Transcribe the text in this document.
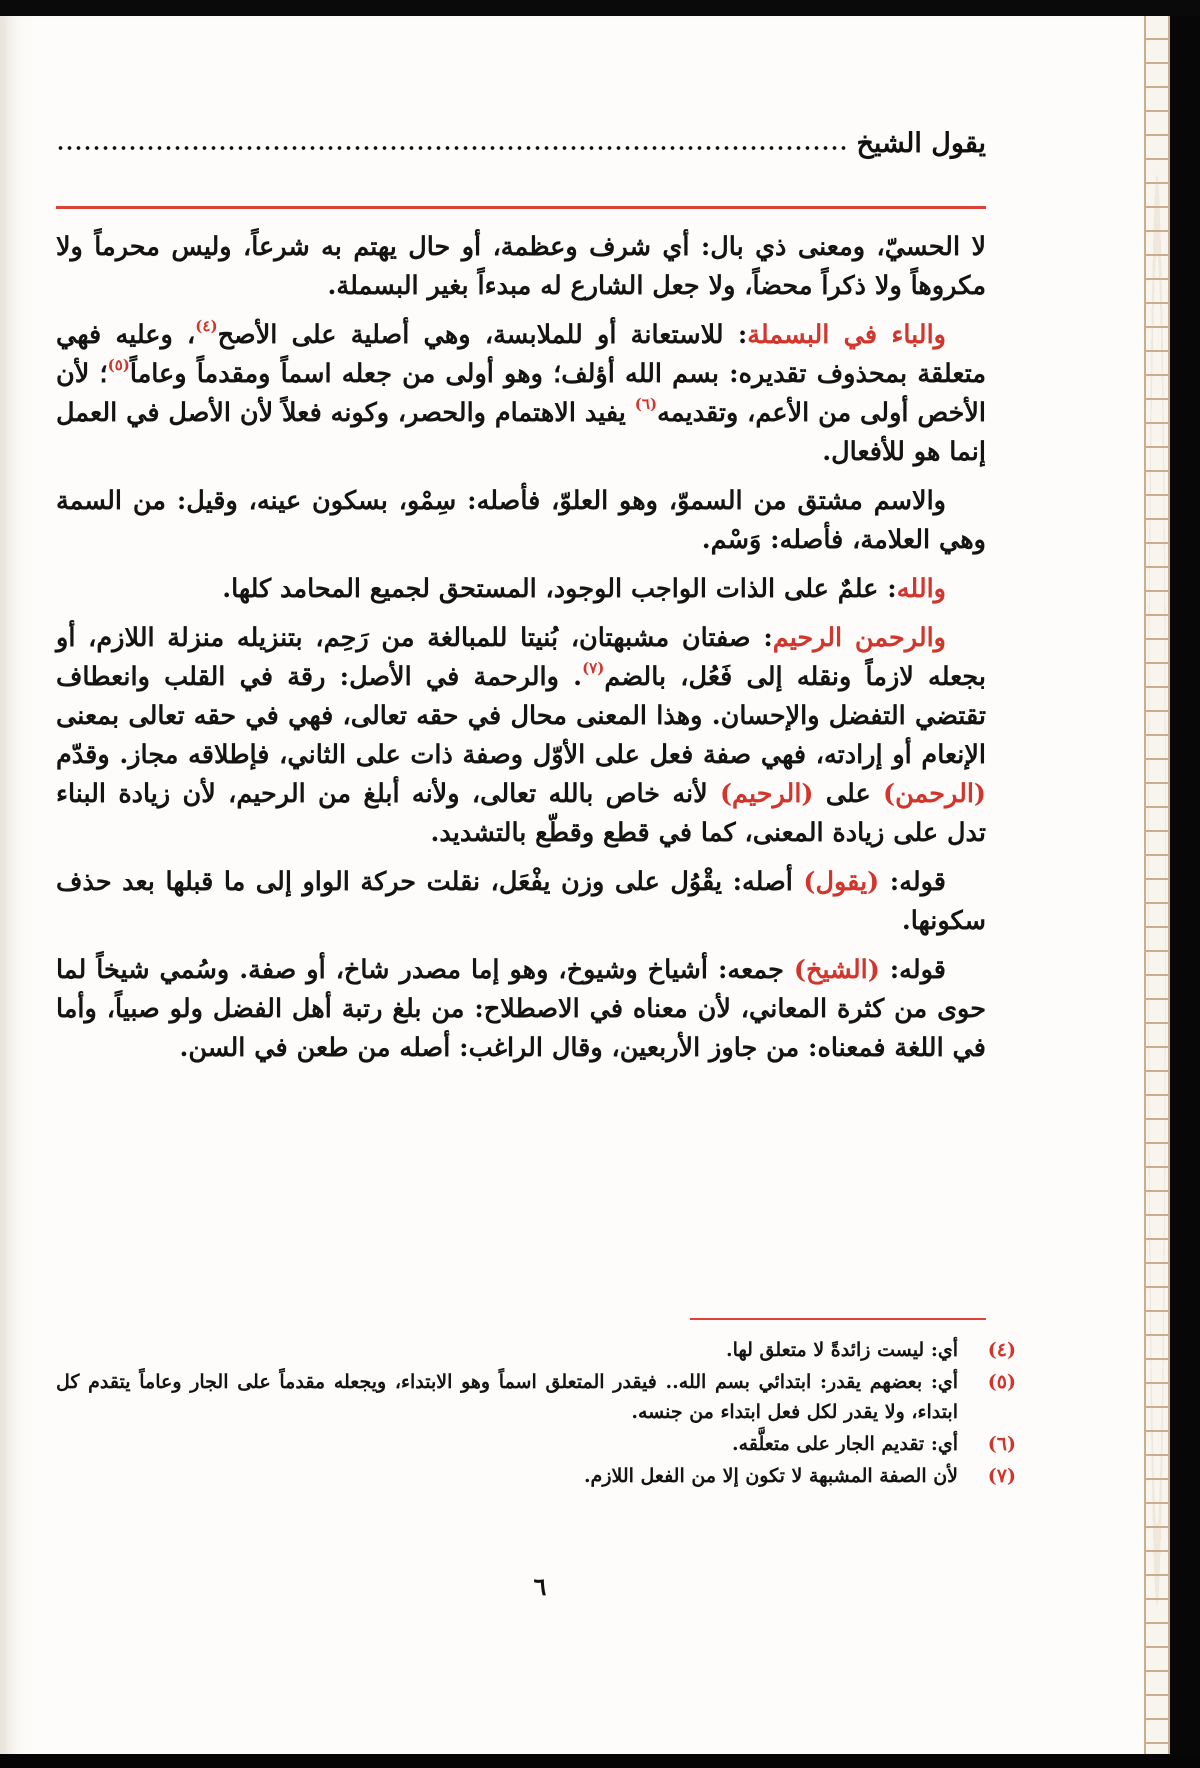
يقول الشيخ

لا الحسيّ، ومعنى ذي بال: أي شرف وعظمة، أو حال يهتم به شرعاً، وليس محرماً ولا مكروهاً ولا ذكراً محضاً، ولا جعل الشارع له مبدءاً بغير البسملة.

والباء في البسملة: للاستعانة أو للملابسة، وهي أصلية على الأصح$^{(٤)}$، وعليه فهي متعلقة بمحذوف تقديره: بسم الله أؤلف؛ وهو أولى من جعله اسماً ومقدماً وعاماً$^{(٥)}$؛ لأن الأخص أولى من الأعم، وتقديمه$^{(٦)}$ يفيد الاهتمام والحصر، وكونه فعلاً لأن الأصل في العمل إنما هو للأفعال.

والاسم مشتق من السموّ، وهو العلوّ، فأصله: سِمْو، بسكون عينه، وقيل: من السمة وهي العلامة، فأصله: وَسْم.

والله: علمٌ على الذات الواجب الوجود، المستحق لجميع المحامد كلها.

والرحمن الرحيم: صفتان مشبهتان، بُنيتا للمبالغة من رَحِم، بتنزيله منزلة اللازم، أو بجعله لازماً ونقله إلى فَعُل، بالضم$^{(٧)}$. والرحمة في الأصل: رقة في القلب وانعطاف تقتضي التفضل والإحسان. وهذا المعنى محال في حقه تعالى، فهي في حقه تعالى بمعنى الإنعام أو إرادته، فهي صفة فعل على الأوّل وصفة ذات على الثاني، فإطلاقه مجاز. وقدّم (الرحمن) على (الرحيم) لأنه خاص بالله تعالى، ولأنه أبلغ من الرحيم، لأن زيادة البناء تدل على زيادة المعنى، كما في قطع وقطّع بالتشديد.

قوله: (يقول) أصله: يقْوُل على وزن يفْعَل، نقلت حركة الواو إلى ما قبلها بعد حذف سكونها.

قوله: (الشيخ) جمعه: أشياخ وشيوخ، وهو إما مصدر شاخ، أو صفة. وسُمي شيخاً لما حوى من كثرة المعاني، لأن معناه في الاصطلاح: من بلغ رتبة أهل الفضل ولو صبياً، وأما في اللغة فمعناه: من جاوز الأربعين، وقال الراغب: أصله من طعن في السن.

(٤)
أي: ليست زائدةً لا متعلق لها.
(٥)
أي: بعضهم يقدر: ابتدائي بسم الله.. فيقدر المتعلق اسماً وهو الابتداء، ويجعله مقدماً على الجار وعاماً يتقدم كل ابتداء، ولا يقدر لكل فعل ابتداء من جنسه.
(٦)
أي: تقديم الجار على متعلَّقه.
(٧)
لأن الصفة المشبهة لا تكون إلا من الفعل اللازم.
٦
